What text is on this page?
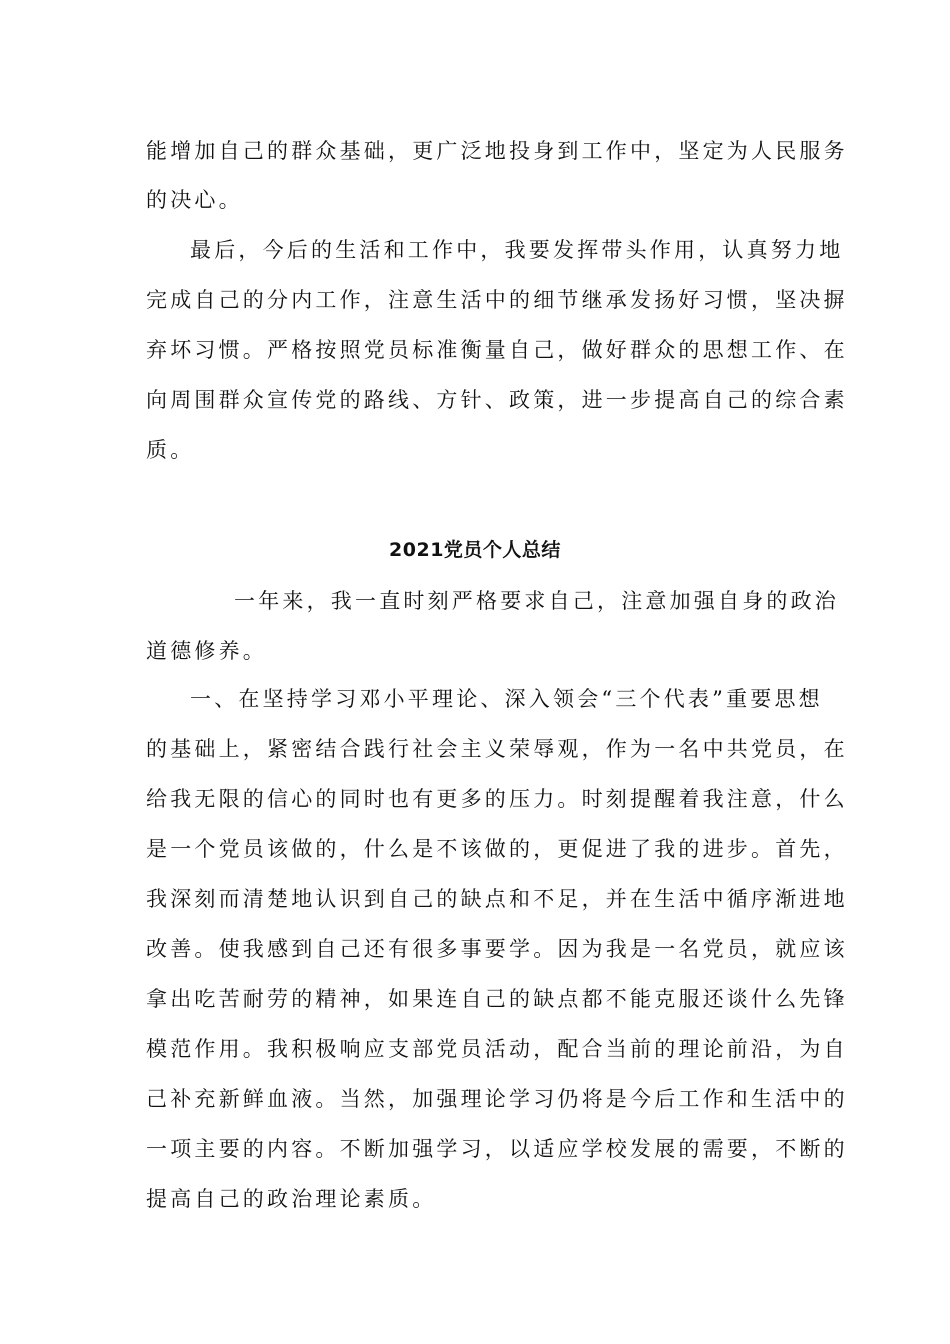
能增加自己的群众基础，更广泛地投身到工作中，坚定为人民服务
的决心。
最后，今后的生活和工作中，我要发挥带头作用，认真努力地
完成自己的分内工作，注意生活中的细节继承发扬好习惯，坚决摒
弃坏习惯。严格按照党员标准衡量自己，做好群众的思想工作、在
向周围群众宣传党的路线、方针、政策，进一步提高自己的综合素
质。
2021党员个人总结
一年来，我一直时刻严格要求自己，注意加强自身的政治
道德修养。
一、在坚持学习邓小平理论、深入领会“三个代表”重要思想
的基础上，紧密结合践行社会主义荣辱观，作为一名中共党员，在
给我无限的信心的同时也有更多的压力。时刻提醒着我注意，什么
是一个党员该做的，什么是不该做的，更促进了我的进步。首先，
我深刻而清楚地认识到自己的缺点和不足，并在生活中循序渐进地
改善。使我感到自己还有很多事要学。因为我是一名党员，就应该
拿出吃苦耐劳的精神，如果连自己的缺点都不能克服还谈什么先锋
模范作用。我积极响应支部党员活动，配合当前的理论前沿，为自
己补充新鲜血液。当然，加强理论学习仍将是今后工作和生活中的
一项主要的内容。不断加强学习，以适应学校发展的需要，不断的
提高自己的政治理论素质。
